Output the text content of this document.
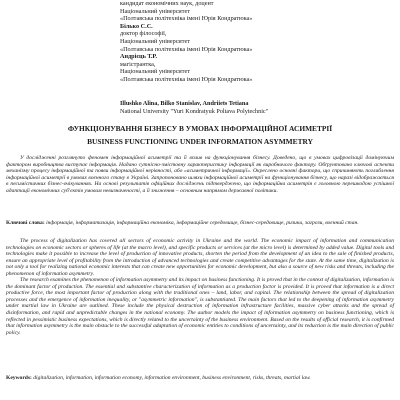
кандидат економічних наук, доцент
Національний університет
«Полтавська політехніка імені Юрія Кондратюка»
Білько С.С.
доктор філософії,
Національний університет
«Полтавська політехніка імені Юрія Кондратюка»
Андрієць Т.Р.
магістрантка,
Національний університет
«Полтавська політехніка імені Юрія Кондратюка»
Illushko Alina, Bilko Stanislav, Andriiets Tetiana
National University "Yuri Kondratyuk Poltava Polytechnic"
ФУНКЦІОНУВАННЯ БІЗНЕСУ В УМОВАХ ІНФОРМАЦІЙНОЇ АСИМЕТРІЇ
BUSINESS FUNCTIONING UNDER INFORMATION ASYMMETRY

У дослідженні розглянуто феномен інформаційної асиметрії та її вплив на функціонування бізнесу. Доведено, що в умовах цифровізації домінуючим фактором виробництва виступає інформація. Надано сутнісно-змістовну характеристику інформації як виробничого фактору. Обґрунтовано ключові аспекти механізму процесу інформаційної та появи інформаційної нерівності, або «асиметричної інформації». Окреслено основні фактори, що спричиняють поглиблення інформаційної асиметрії в умовах воєнного стану в Україні. Запропоновано шляхи інформаційної асиметрії на функціонування бізнесу, що наразі відображається в песимістичних бізнес-очікуваннях. На основі результатів офіційних досліджень підтверджено, що інформаційна асиметрія є головною перешкодою успішної адаптації економічних суб'єктів умовам невизначеності, а її зниження – основним напрямом державної політики.

Ключові слова: інформація, інформатизація, інформаційна економіка, інформаційне середовище, бізнес-середовище, ризики, загрози, воєнний стан.

The process of digitalization has covered all sectors of economic activity in Ukraine and the world. The economic impact of information and communication technologies on economic sectors or spheres of life (at the macro level), and specific products or services (at the micro level) is determined by added value. Digital tools and technologies make it possible to increase the level of production of innovative products, shorten the period from the development of an idea to the sale of finished products, ensure an appropriate level of profitability from the introduction of advanced technologies and create competitive advantages for the state. At the same time, digitalization is not only a tool for realizing national economic interests that can create new opportunities for economic development, but also a source of new risks and threats, including the phenomenon of information asymmetry.

The research examines the phenomenon of information asymmetry and its impact on business functioning. It is proved that in the context of digitalization, information is the dominant factor of production. The essential and substantive characterization of information as a production factor is provided. It is proved that information is a direct productive force, the most important factor of production along with the traditional ones – land, labor, and capital. The relationship between the spread of digitalization processes and the emergence of information inequality, or "asymmetric information", is substantiated. The main factors that led to the deepening of information asymmetry under martial law in Ukraine are outlined. These include the physical destruction of information infrastructure facilities, massive cyber attacks and the spread of disinformation, and rapid and unpredictable changes in the national economy. The author models the impact of information asymmetry on business functioning, which is reflected in pessimistic business expectations, which is directly related to the uncertainty of the business environment. Based on the results of official research, it is confirmed that information asymmetry is the main obstacle to the successful adaptation of economic entities to conditions of uncertainty, and its reduction is the main direction of public policy.

Keywords: digitalization, information, information economy, information environment, business environment, risks, threats, martial law.
